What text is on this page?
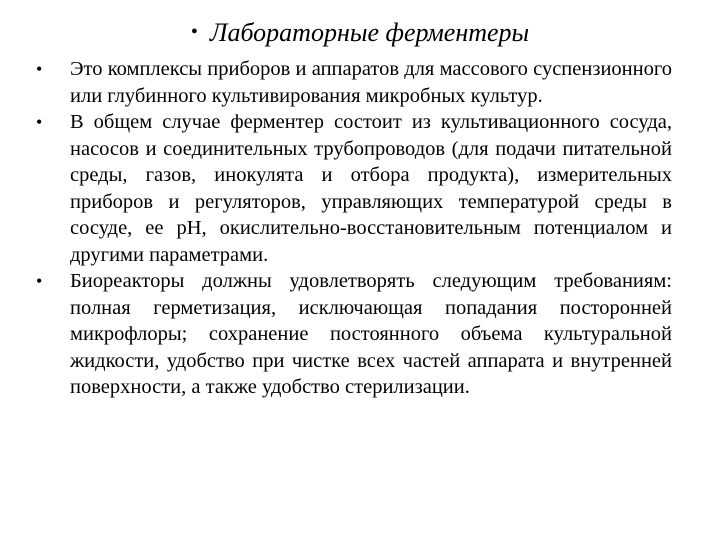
• Лабораторные ферментеры
• Это комплексы приборов и аппаратов для массового суспензионного или глубинного культивирования микробных культур.
• В общем случае ферментер состоит из культивационного сосуда, насосов и соединительных трубопроводов (для подачи питательной среды, газов, инокулята и отбора продукта), измерительных приборов и регуляторов, управляющих температурой среды в сосуде, ее рН, окислительно-восстановительным потенциалом и другими параметрами.
• Биореакторы должны удовлетворять следующим требованиям: полная герметизация, исключающая попадания посторонней микрофлоры; сохранение постоянного объема культуральной жидкости, удобство при чистке всех частей аппарата и внутренней поверхности, а также удобство стерилизации.
